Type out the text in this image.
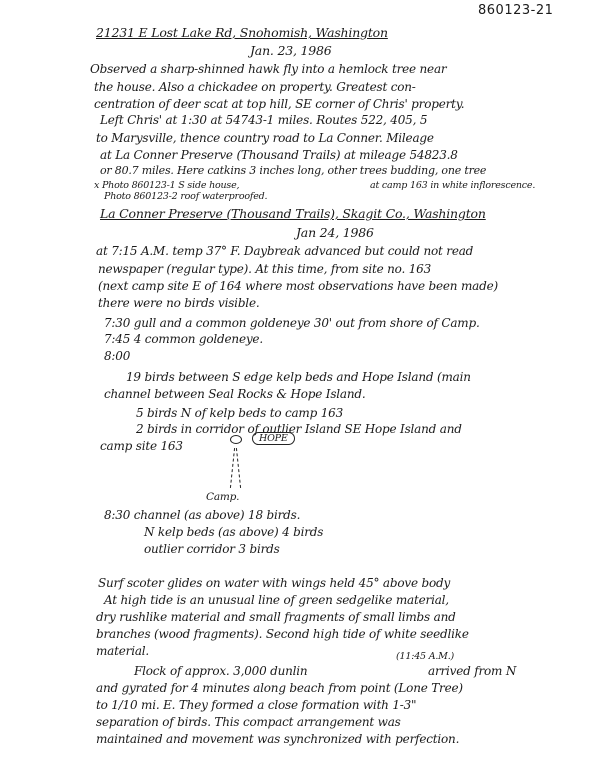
860123-21
21231 E Lost Lake Rd, Snohomish, Washington
Jan. 23, 1986
Observed a sharp-shinned hawk fly into a hemlock tree near
the house. Also a chickadee on property. Greatest con-
centration of deer scat at top hill, SE corner of Chris' property.
Left Chris' at 1:30 at 54743-1 miles. Routes 522, 405, 5
to Marysville, thence country road to La Conner. Mileage
at La Conner Preserve (Thousand Trails) at mileage 54823.8
or 80.7 miles. Here catkins 3 inches long, other trees budding, one tree
x Photo 860123-1 S side house,	at camp 163 in white inflorescence.
Photo 860123-2 roof waterproofed.
La Conner Preserve (Thousand Trails), Skagit Co., Washington
Jan 24, 1986
at 7:15 A.M. temp 37° F. Daybreak advanced but could not read
newspaper (regular type). At this time, from site no. 163
(next camp site E of 164 where most observations have been made)
there were no birds visible.
7:30 gull and a common goldeneye 30' out from shore of Camp.
7:45 4 common goldeneye.
8:00
19 birds between S edge kelp beds and Hope Island (main
channel between Seal Rocks & Hope Island.
5 birds N of kelp beds to camp 163
2 birds in corridor of outlier Island SE Hope Island and
camp site 163
HOPE
Camp.
8:30 channel (as above) 18 birds.
N kelp beds (as above) 4 birds
outlier corridor 3 birds
Surf scoter glides on water with wings held 45° above body
At high tide is an unusual line of green sedgelike material,
dry rushlike material and small fragments of small limbs and
branches (wood fragments). Second high tide of white seedlike
material.	(11:45 A.M.)
Flock of approx. 3,000 dunlin	arrived from N
and gyrated for 4 minutes along beach from point (Lone Tree)
to 1/10 mi. E. They formed a close formation with 1-3"
separation of birds. This compact arrangement was
maintained and movement was synchronized with perfection.
